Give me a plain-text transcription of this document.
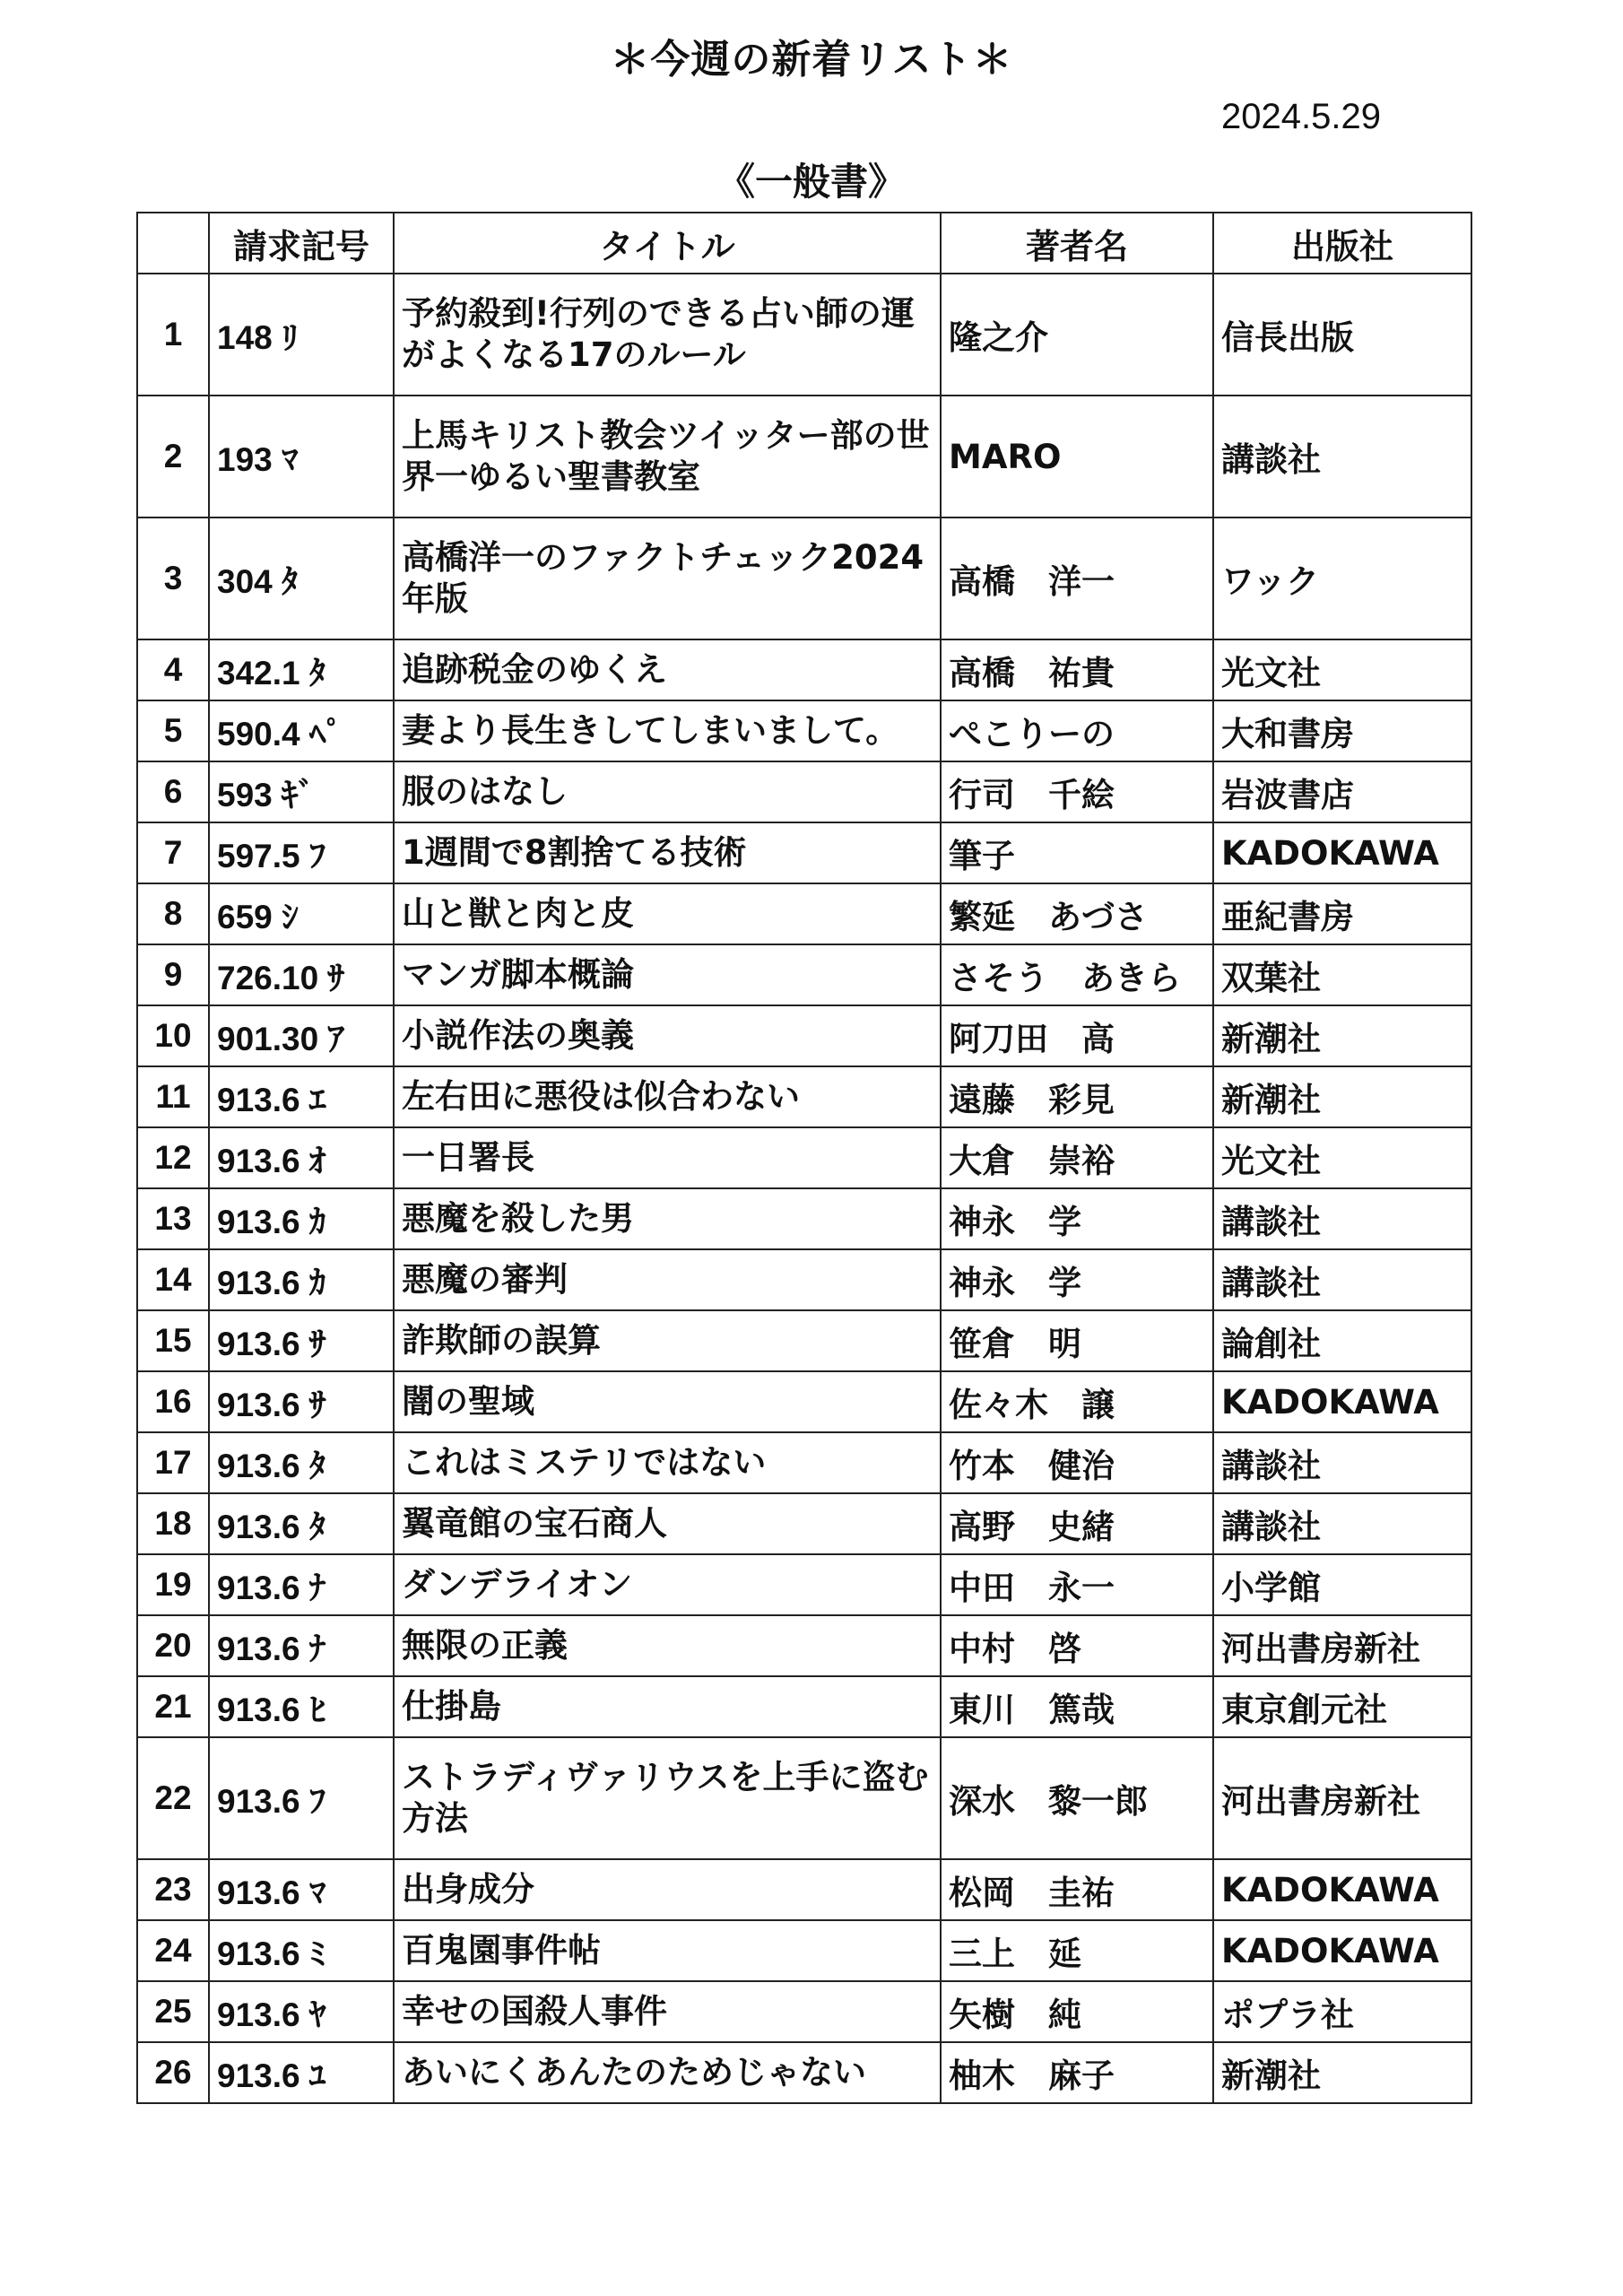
＊今週の新着リスト＊
2024.5.29
《一般書》
	請求記号	タイトル	著者名	出版社
1	148 ﾘ	予約殺到!行列のできる占い師の運がよくなる17のルール	隆之介	信長出版
2	193 ﾏ	上馬キリスト教会ツイッター部の世界一ゆるい聖書教室	MARO	講談社
3	304 ﾀ	高橋洋一のファクトチェック2024年版	高橋　洋一	ワック
4	342.1 ﾀ	追跡税金のゆくえ	高橋　祐貴	光文社
5	590.4 ﾍﾟ	妻より長生きしてしまいまして。	ぺこりーの	大和書房
6	593 ｷﾞ	服のはなし	行司　千絵	岩波書店
7	597.5 ﾌ	1週間で8割捨てる技術	筆子	KADOKAWA
8	659 ｼ	山と獣と肉と皮	繁延　あづさ	亜紀書房
9	726.10 ｻ	マンガ脚本概論	さそう　あきら	双葉社
10	901.30 ｱ	小説作法の奥義	阿刀田　高	新潮社
11	913.6 ｴ	左右田に悪役は似合わない	遠藤　彩見	新潮社
12	913.6 ｵ	一日署長	大倉　崇裕	光文社
13	913.6 ｶ	悪魔を殺した男	神永　学	講談社
14	913.6 ｶ	悪魔の審判	神永　学	講談社
15	913.6 ｻ	詐欺師の誤算	笹倉　明	論創社
16	913.6 ｻ	闇の聖域	佐々木　譲	KADOKAWA
17	913.6 ﾀ	これはミステリではない	竹本　健治	講談社
18	913.6 ﾀ	翼竜館の宝石商人	高野　史緒	講談社
19	913.6 ﾅ	ダンデライオン	中田　永一	小学館
20	913.6 ﾅ	無限の正義	中村　啓	河出書房新社
21	913.6 ﾋ	仕掛島	東川　篤哉	東京創元社
22	913.6 ﾌ	ストラディヴァリウスを上手に盗む方法	深水　黎一郎	河出書房新社
23	913.6 ﾏ	出身成分	松岡　圭祐	KADOKAWA
24	913.6 ﾐ	百鬼園事件帖	三上　延	KADOKAWA
25	913.6 ﾔ	幸せの国殺人事件	矢樹　純	ポプラ社
26	913.6 ﾕ	あいにくあんたのためじゃない	柚木　麻子	新潮社
